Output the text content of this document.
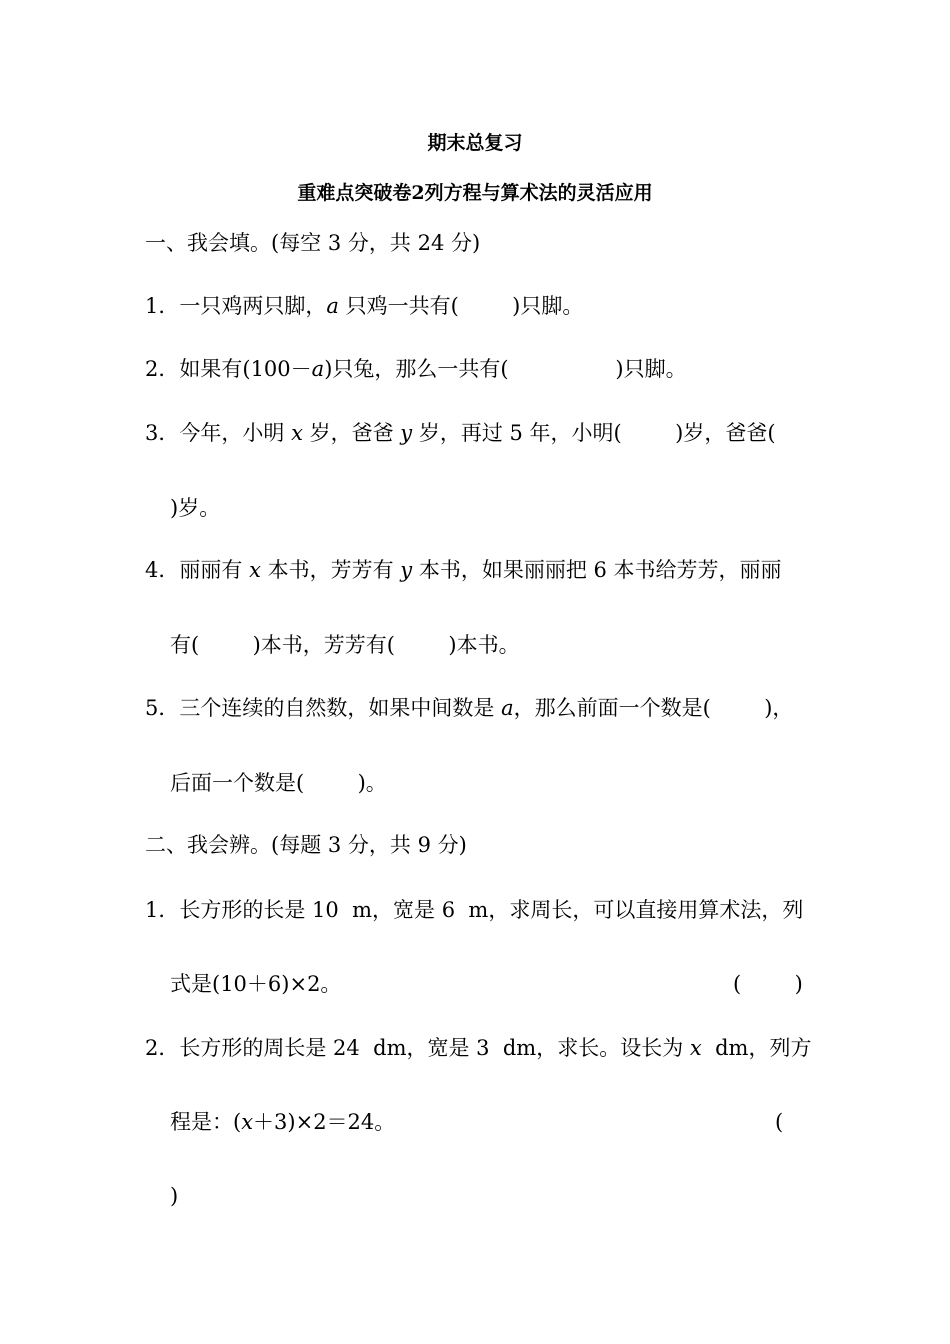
期末总复习
重难点突破卷2列方程与算术法的灵活应用
一、我会填。(每空 3 分，共 24 分)
1．一只鸡两只脚，a 只鸡一共有(        )只脚。
2．如果有(100－a)只兔，那么一共有(                )只脚。
3．今年，小明 x 岁，爸爸 y 岁，再过 5 年，小明(        )岁，爸爸(
)岁。
4．丽丽有 x 本书，芳芳有 y 本书，如果丽丽把 6 本书给芳芳，丽丽
有(        )本书，芳芳有(        )本书。
5．三个连续的自然数，如果中间数是 a，那么前面一个数是(        )，
后面一个数是(        )。
二、我会辨。(每题 3 分，共 9 分)
1．长方形的长是 10  m，宽是 6  m，求周长，可以直接用算术法，列
式是(10＋6)×2。	(        )
2．长方形的周长是 24  dm，宽是 3  dm，求长。设长为 x  dm，列方
程是：(x＋3)×2＝24。	(
)
